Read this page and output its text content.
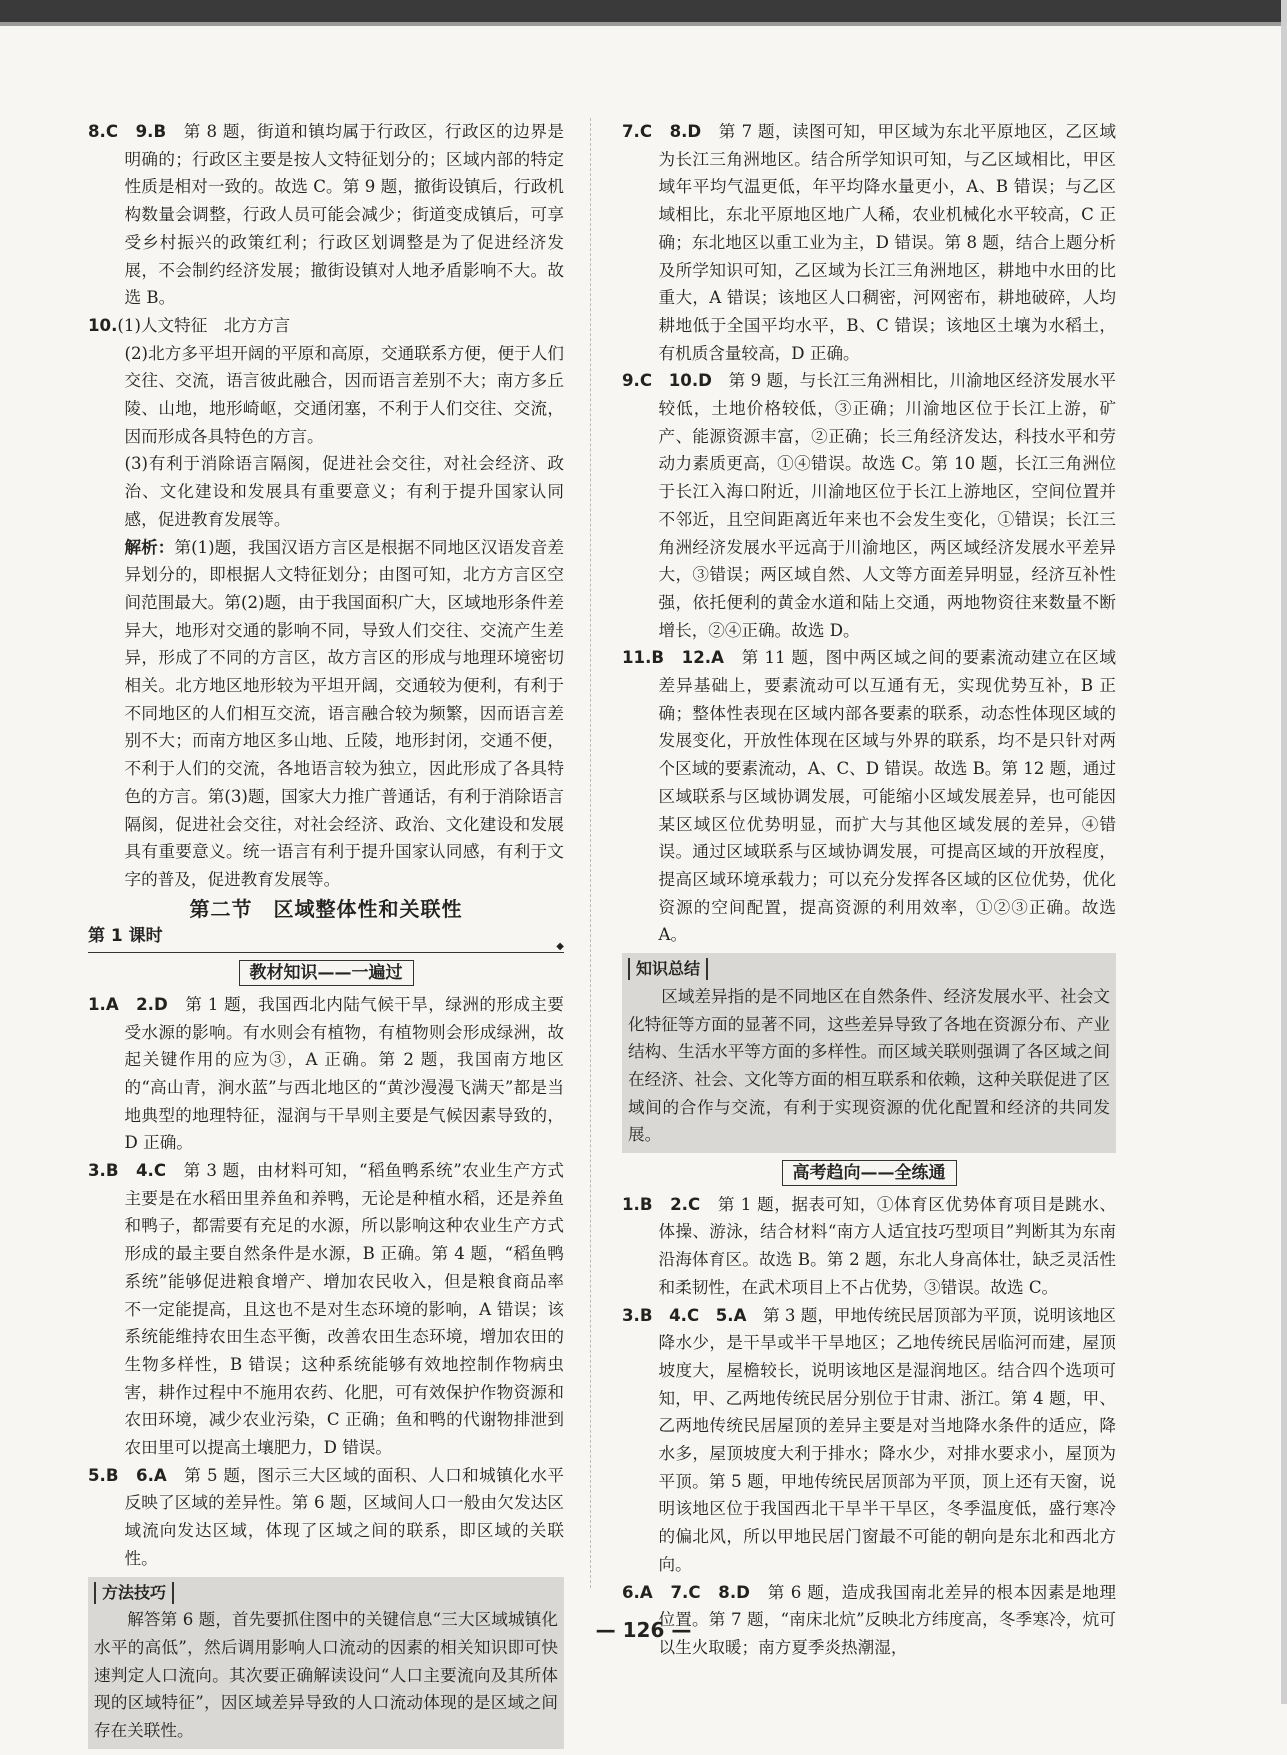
8.C　9.B　 第 8 题，街道和镇均属于行政区，行政区的边界是明确的；行政区主要是按人文特征划分的；区域内部的特定性质是相对一致的。故选 C。第 9 题，撤街设镇后，行政机构数量会调整，行政人员可能会减少；街道变成镇后，可享受乡村振兴的政策红利；行政区划调整是为了促进经济发展，不会制约经济发展；撤街设镇对人地矛盾影响不大。故选 B。

10.(1)人文特征　北方方言

(2)北方多平坦开阔的平原和高原，交通联系方便，便于人们交往、交流，语言彼此融合，因而语言差别不大；南方多丘陵、山地，地形崎岖，交通闭塞，不利于人们交往、交流，因而形成各具特色的方言。

(3)有利于消除语言隔阂，促进社会交往，对社会经济、政治、文化建设和发展具有重要意义；有利于提升国家认同感，促进教育发展等。

解析：第(1)题，我国汉语方言区是根据不同地区汉语发音差异划分的，即根据人文特征划分；由图可知，北方方言区空间范围最大。第(2)题，由于我国面积广大，区域地形条件差异大，地形对交通的影响不同，导致人们交往、交流产生差异，形成了不同的方言区，故方言区的形成与地理环境密切相关。北方地区地形较为平坦开阔，交通较为便利，有利于不同地区的人们相互交流，语言融合较为频繁，因而语言差别不大；而南方地区多山地、丘陵，地形封闭，交通不便，不利于人们的交流，各地语言较为独立，因此形成了各具特色的方言。第(3)题，国家大力推广普通话，有利于消除语言隔阂，促进社会交往，对社会经济、政治、文化建设和发展具有重要意义。统一语言有利于提升国家认同感，有利于文字的普及，促进教育发展等。

第二节　区域整体性和关联性

第 1 课时 ◆

教材知识——一遍过

1.A　2.D　 第 1 题，我国西北内陆气候干旱，绿洲的形成主要受水源的影响。有水则会有植物，有植物则会形成绿洲，故起关键作用的应为③，A 正确。第 2 题，我国南方地区的“高山青，涧水蓝”与西北地区的“黄沙漫漫飞满天”都是当地典型的地理特征，湿润与干旱则主要是气候因素导致的，D 正确。

3.B　4.C　 第 3 题，由材料可知，“稻鱼鸭系统”农业生产方式主要是在水稻田里养鱼和养鸭，无论是种植水稻，还是养鱼和鸭子，都需要有充足的水源，所以影响这种农业生产方式形成的最主要自然条件是水源，B 正确。第 4 题，“稻鱼鸭系统”能够促进粮食增产、增加农民收入，但是粮食商品率不一定能提高，且这也不是对生态环境的影响，A 错误；该系统能维持农田生态平衡，改善农田生态环境，增加农田的生物多样性，B 错误；这种系统能够有效地控制作物病虫害，耕作过程中不施用农药、化肥，可有效保护作物资源和农田环境，减少农业污染，C 正确；鱼和鸭的代谢物排泄到农田里可以提高土壤肥力，D 错误。

5.B　6.A　 第 5 题，图示三大区域的面积、人口和城镇化水平反映了区域的差异性。第 6 题，区域间人口一般由欠发达区域流向发达区域，体现了区域之间的联系，即区域的关联性。

方法技巧

解答第 6 题，首先要抓住图中的关键信息“三大区域城镇化水平的高低”，然后调用影响人口流动的因素的相关知识即可快速判定人口流向。其次要正确解读设问“人口主要流向及其所体现的区域特征”，因区域差异导致的人口流动体现的是区域之间存在关联性。

7.C　8.D　 第 7 题，读图可知，甲区域为东北平原地区，乙区域为长江三角洲地区。结合所学知识可知，与乙区域相比，甲区域年平均气温更低，年平均降水量更小，A、B 错误；与乙区域相比，东北平原地区地广人稀，农业机械化水平较高，C 正确；东北地区以重工业为主，D 错误。第 8 题，结合上题分析及所学知识可知，乙区域为长江三角洲地区，耕地中水田的比重大，A 错误；该地区人口稠密，河网密布，耕地破碎，人均耕地低于全国平均水平，B、C 错误；该地区土壤为水稻土，有机质含量较高，D 正确。

9.C　10.D　 第 9 题，与长江三角洲相比，川渝地区经济发展水平较低，土地价格较低，③正确；川渝地区位于长江上游，矿产、能源资源丰富，②正确；长三角经济发达，科技水平和劳动力素质更高，①④错误。故选 C。第 10 题，长江三角洲位于长江入海口附近，川渝地区位于长江上游地区，空间位置并不邻近，且空间距离近年来也不会发生变化，①错误；长江三角洲经济发展水平远高于川渝地区，两区域经济发展水平差异大，③错误；两区域自然、人文等方面差异明显，经济互补性强，依托便利的黄金水道和陆上交通，两地物资往来数量不断增长，②④正确。故选 D。

11.B　12.A　 第 11 题，图中两区域之间的要素流动建立在区域差异基础上，要素流动可以互通有无，实现优势互补，B 正确；整体性表现在区域内部各要素的联系，动态性体现区域的发展变化，开放性体现在区域与外界的联系，均不是只针对两个区域的要素流动，A、C、D 错误。故选 B。第 12 题，通过区域联系与区域协调发展，可能缩小区域发展差异，也可能因某区域区位优势明显，而扩大与其他区域发展的差异，④错误。通过区域联系与区域协调发展，可提高区域的开放程度，提高区域环境承载力；可以充分发挥各区域的区位优势，优化资源的空间配置，提高资源的利用效率，①②③正确。故选 A。

知识总结

区域差异指的是不同地区在自然条件、经济发展水平、社会文化特征等方面的显著不同，这些差异导致了各地在资源分布、产业结构、生活水平等方面的多样性。而区域关联则强调了各区域之间在经济、社会、文化等方面的相互联系和依赖，这种关联促进了区域间的合作与交流，有利于实现资源的优化配置和经济的共同发展。

高考趋向——全练通

1.B　2.C　 第 1 题，据表可知，①体育区优势体育项目是跳水、体操、游泳，结合材料“南方人适宜技巧型项目”判断其为东南沿海体育区。故选 B。第 2 题，东北人身高体壮，缺乏灵活性和柔韧性，在武术项目上不占优势，③错误。故选 C。

3.B　4.C　5.A　 第 3 题，甲地传统民居顶部为平顶，说明该地区降水少，是干旱或半干旱地区；乙地传统民居临河而建，屋顶坡度大，屋檐较长，说明该地区是湿润地区。结合四个选项可知，甲、乙两地传统民居分别位于甘肃、浙江。第 4 题，甲、乙两地传统民居屋顶的差异主要是对当地降水条件的适应，降水多，屋顶坡度大利于排水；降水少，对排水要求小，屋顶为平顶。第 5 题，甲地传统民居顶部为平顶，顶上还有天窗，说明该地区位于我国西北干旱半干旱区，冬季温度低，盛行寒冷的偏北风，所以甲地民居门窗最不可能的朝向是东北和西北方向。

6.A　7.C　8.D　 第 6 题，造成我国南北差异的根本因素是地理位置。第 7 题，“南床北炕”反映北方纬度高，冬季寒冷，炕可以生火取暖；南方夏季炎热潮湿，

— 126 —
